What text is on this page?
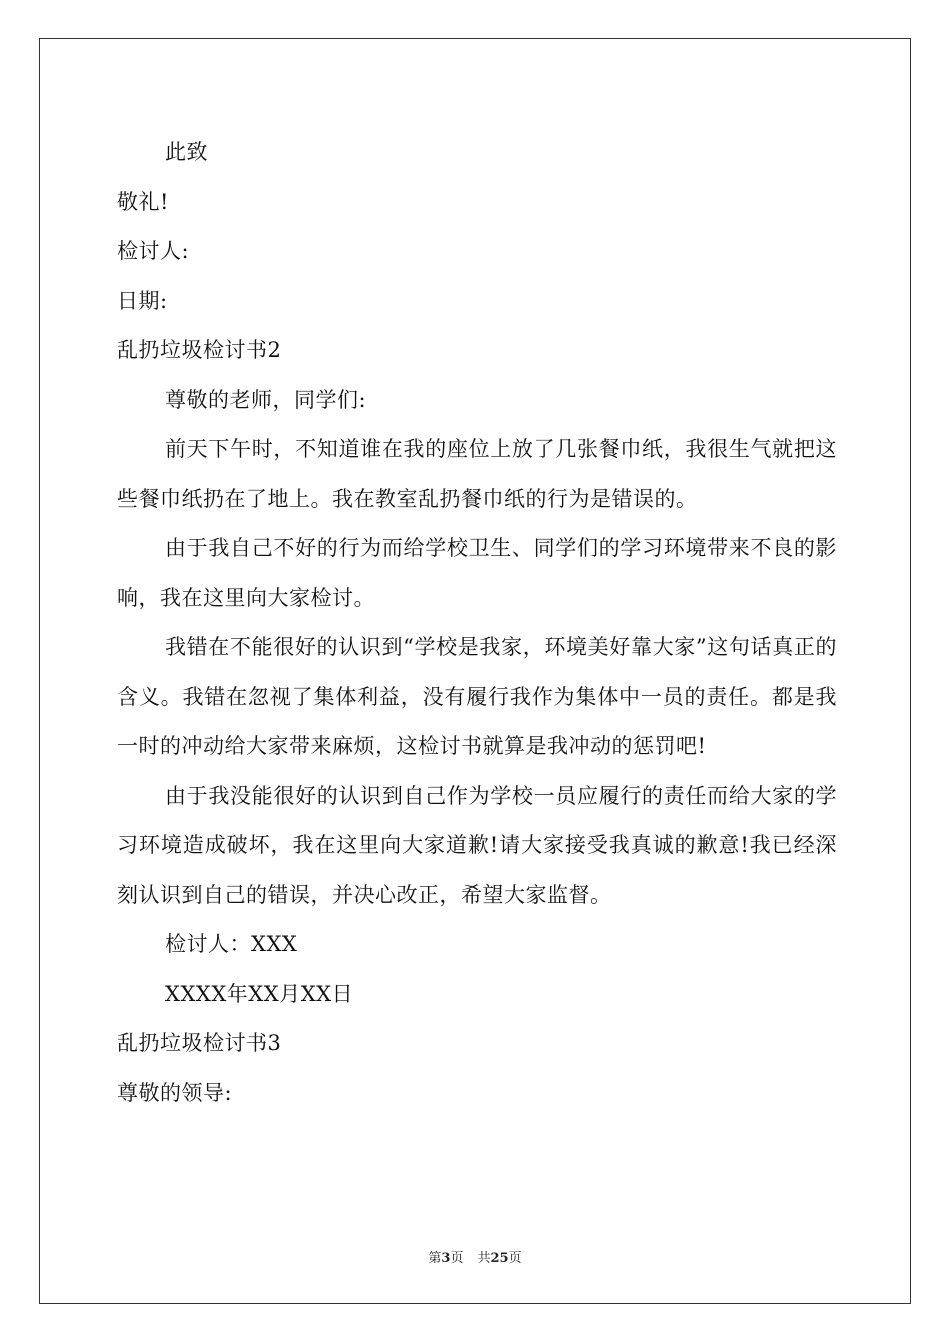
此致
敬礼!
检讨人:
日期:
乱扔垃圾检讨书2
尊敬的老师，同学们:
前天下午时，不知道谁在我的座位上放了几张餐巾纸，我很生气就把这些餐巾纸扔在了地上。我在教室乱扔餐巾纸的行为是错误的。
由于我自己不好的行为而给学校卫生、同学们的学习环境带来不良的影响，我在这里向大家检讨。
我错在不能很好的认识到“学校是我家，环境美好靠大家”这句话真正的含义。我错在忽视了集体利益，没有履行我作为集体中一员的责任。都是我一时的冲动给大家带来麻烦，这检讨书就算是我冲动的惩罚吧!
由于我没能很好的认识到自己作为学校一员应履行的责任而给大家的学习环境造成破坏，我在这里向大家道歉!请大家接受我真诚的歉意!我已经深刻认识到自己的错误，并决心改正，希望大家监督。
检讨人：XXX
XXXX年XX月XX日
乱扔垃圾检讨书3
尊敬的领导:
第3页 共25页
